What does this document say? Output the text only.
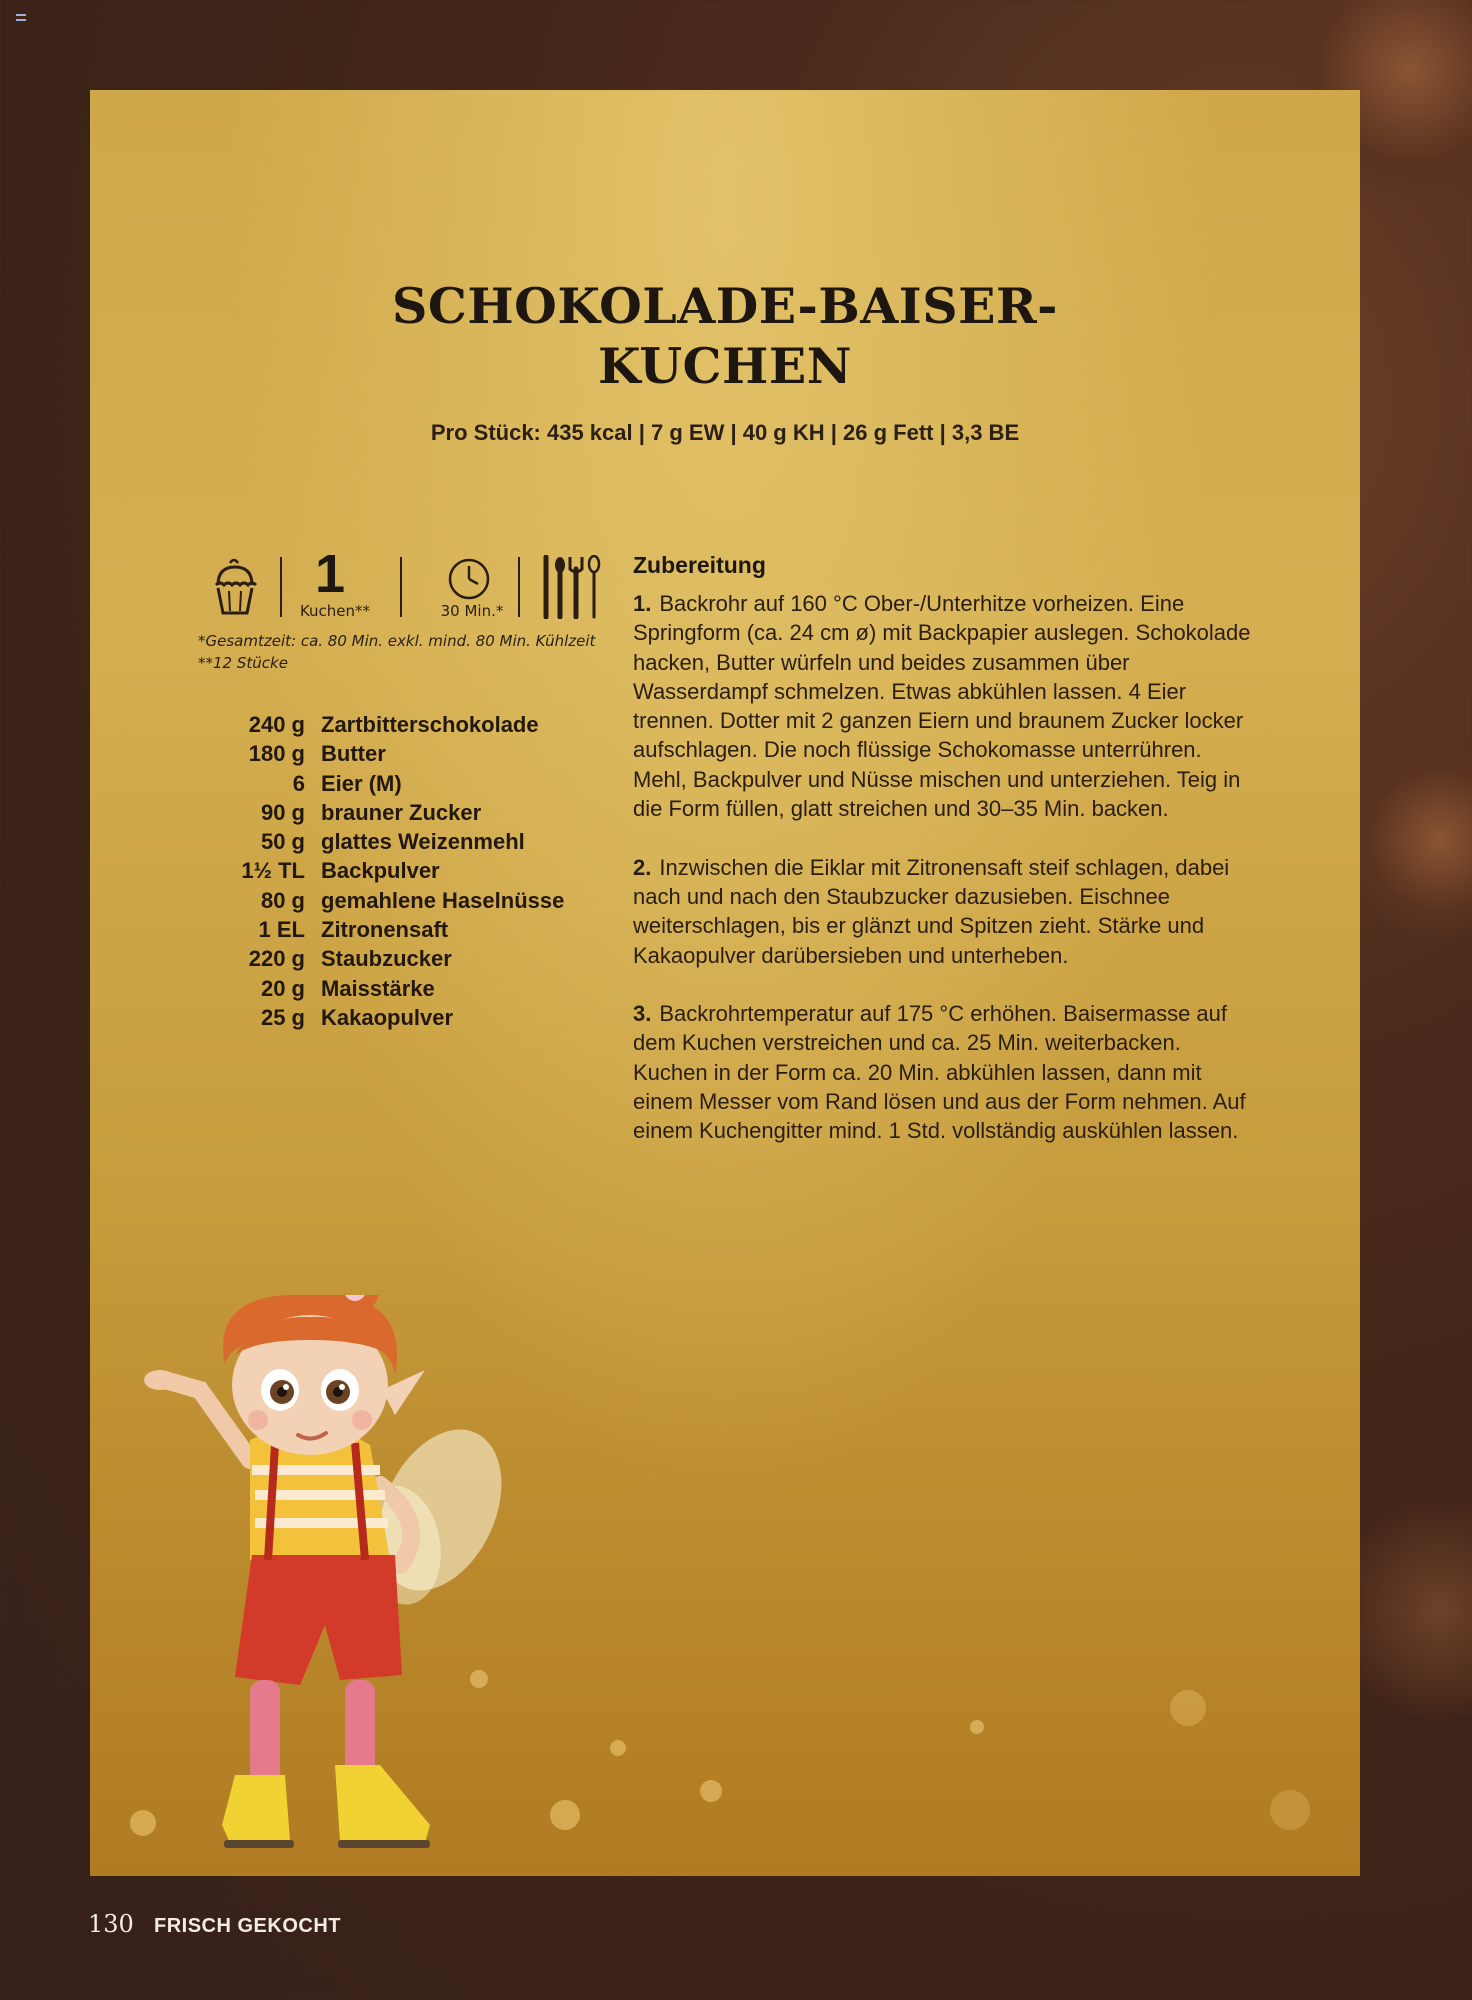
SCHOKOLADE-BAISER-
KUCHEN
Pro Stück: 435 kcal | 7 g EW | 40 g KH | 26 g Fett | 3,3 BE
1
Kuchen**	30 Min.*
*Gesamtzeit: ca. 80 Min. exkl. mind. 80 Min. Kühlzeit
**12 Stücke
240 g Zartbitterschokolade
180 g Butter
6 Eier (M)
90 g brauner Zucker
50 g glattes Weizenmehl
1½ TL Backpulver
80 g gemahlene Haselnüsse
1 EL Zitronensaft
220 g Staubzucker
20 g Maisstärke
25 g Kakaopulver
Zubereitung

1. Backrohr auf 160 °C Ober-/Unterhitze vorheizen. Eine Springform (ca. 24 cm ø) mit Backpapier auslegen. Schokolade hacken, Butter würfeln und beides zusammen über Wasserdampf schmelzen. Etwas abkühlen lassen. 4 Eier trennen. Dotter mit 2 ganzen Eiern und braunem Zucker locker aufschlagen. Die noch flüssige Schokomasse unterrühren. Mehl, Backpulver und Nüsse mischen und unterziehen. Teig in die Form füllen, glatt streichen und 30–35 Min. backen.

2. Inzwischen die Eiklar mit Zitronensaft steif schlagen, dabei nach und nach den Staubzucker dazusieben. Eischnee weiterschlagen, bis er glänzt und Spitzen zieht. Stärke und Kakaopulver darübersieben und unterheben.

3. Backrohrtemperatur auf 175 °C erhöhen. Baisermasse auf dem Kuchen verstreichen und ca. 25 Min. weiterbacken. Kuchen in der Form ca. 20 Min. abkühlen lassen, dann mit einem Messer vom Rand lösen und aus der Form nehmen. Auf einem Kuchengitter mind. 1 Std. vollständig auskühlen lassen.

130 FRISCH GEKOCHT
